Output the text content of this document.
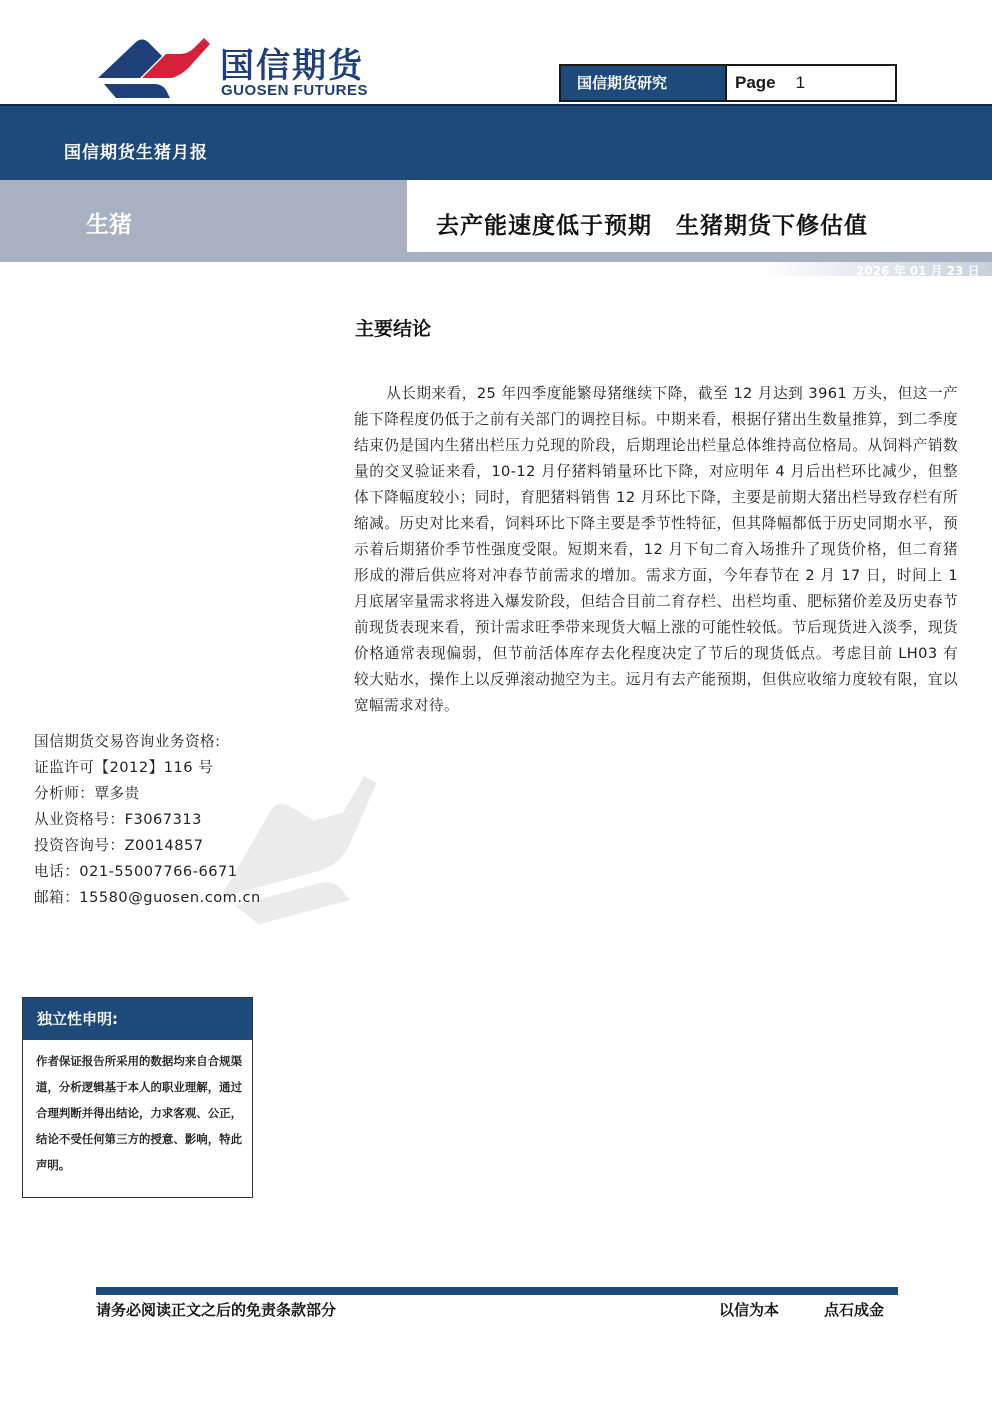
国信期货
GUOSEN FUTURES	国信期货研究	Page 1
国信期货生猪月报
生猪	去产能速度低于预期　生猪期货下修估值
2026 年 01 月 23 日
主要结论

从长期来看，25 年四季度能繁母猪继续下降，截至 12 月达到 3961 万头，但这一产能下降程度仍低于之前有关部门的调控目标。中期来看，根据仔猪出生数量推算，到二季度结束仍是国内生猪出栏压力兑现的阶段，后期理论出栏量总体维持高位格局。从饲料产销数量的交叉验证来看，10-12 月仔猪料销量环比下降，对应明年 4 月后出栏环比减少，但整体下降幅度较小；同时，育肥猪料销售 12 月环比下降，主要是前期大猪出栏导致存栏有所缩减。历史对比来看，饲料环比下降主要是季节性特征，但其降幅都低于历史同期水平，预示着后期猪价季节性强度受限。短期来看，12 月下旬二育入场推升了现货价格，但二育猪形成的滞后供应将对冲春节前需求的增加。需求方面，今年春节在 2 月 17 日，时间上 1 月底屠宰量需求将进入爆发阶段，但结合目前二育存栏、出栏均重、肥标猪价差及历史春节前现货表现来看，预计需求旺季带来现货大幅上涨的可能性较低。节后现货进入淡季，现货价格通常表现偏弱，但节前活体库存去化程度决定了节后的现货低点。考虑目前 LH03 有较大贴水，操作上以反弹滚动抛空为主。远月有去产能预期，但供应收缩力度较有限，宜以宽幅需求对待。

国信期货交易咨询业务资格:
证监许可【2012】116 号
分析师：覃多贵
从业资格号：F3067313
投资咨询号：Z0014857
电话：021-55007766-6671
邮箱：15580@guosen.com.cn
独立性申明:
作者保证报告所采用的数据均来自合规渠道，分析逻辑基于本人的职业理解，通过合理判断并得出结论，力求客观、公正，结论不受任何第三方的授意、影响，特此声明。
请务必阅读正文之后的免责条款部分	以信为本	点石成金
